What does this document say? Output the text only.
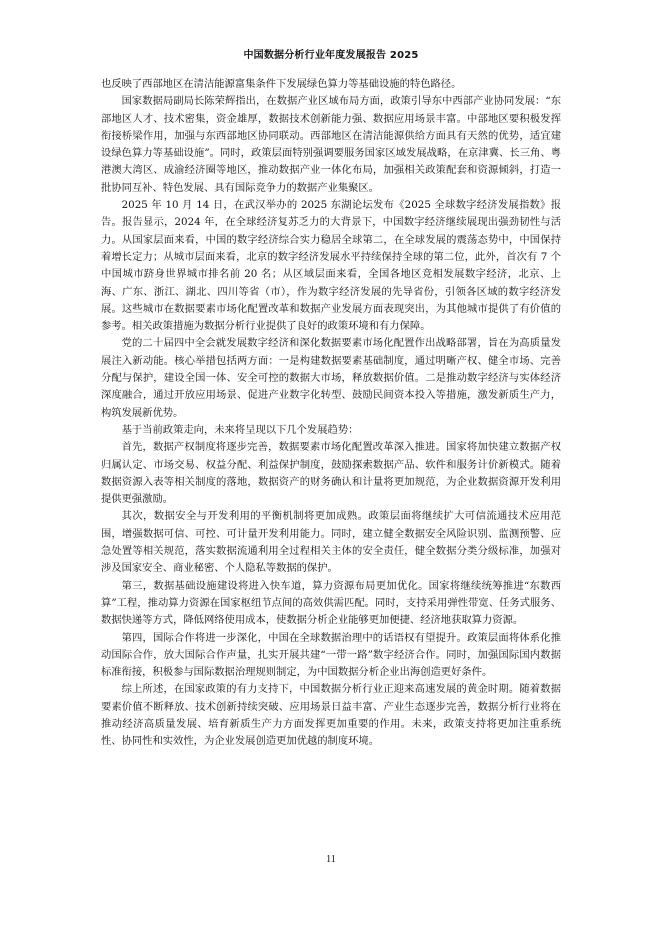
中国数据分析行业年度发展报告 2025

也反映了西部地区在清洁能源富集条件下发展绿色算力等基础设施的特色路径。

国家数据局副局长陈荣辉指出，在数据产业区域布局方面，政策引导东中西部产业协同发展：“东部地区人才、技术密集，资金雄厚，数据技术创新能力强、数据应用场景丰富。中部地区要积极发挥衔接桥梁作用，加强与东西部地区协同联动。西部地区在清洁能源供给方面具有天然的优势，适宜建设绿色算力等基础设施”。同时，政策层面特别强调要服务国家区域发展战略，在京津冀、长三角、粤港澳大湾区、成渝经济圈等地区，推动数据产业一体化布局，加强相关政策配套和资源倾斜，打造一批协同互补、特色发展、具有国际竞争力的数据产业集聚区。

2025 年 10 月 14 日，在武汉举办的 2025 东湖论坛发布《2025 全球数字经济发展指数》报告。报告显示，2024 年，在全球经济复苏乏力的大背景下，中国数字经济继续展现出强劲韧性与活力。从国家层面来看，中国的数字经济综合实力稳居全球第二，在全球发展的震荡态势中，中国保持着增长定力；从城市层面来看，北京的数字经济发展水平持续保持全球的第二位，此外，首次有 7 个中国城市跻身世界城市排名前 20 名；从区域层面来看，全国各地区竞相发展数字经济，北京、上海、广东、浙江、湖北、四川等省（市），作为数字经济发展的先导省份，引领各区域的数字经济发展。这些城市在数据要素市场化配置改革和数据产业发展方面表现突出，为其他城市提供了有价值的参考。相关政策措施为数据分析行业提供了良好的政策环境和有力保障。

党的二十届四中全会就发展数字经济和深化数据要素市场化配置作出战略部署，旨在为高质量发展注入新动能。核心举措包括两方面：一是构建数据要素基础制度，通过明晰产权、健全市场、完善分配与保护，建设全国一体、安全可控的数据大市场，释放数据价值。二是推动数字经济与实体经济深度融合，通过开放应用场景、促进产业数字化转型、鼓励民间资本投入等措施，激发新质生产力，构筑发展新优势。

基于当前政策走向，未来将呈现以下几个发展趋势：

首先，数据产权制度将逐步完善，数据要素市场化配置改革深入推进。国家将加快建立数据产权归属认定、市场交易、权益分配、利益保护制度，鼓励探索数据产品、软件和服务计价新模式。随着数据资源入表等相关制度的落地，数据资产的财务确认和计量将更加规范，为企业数据资源开发利用提供更强激励。

其次，数据安全与开发利用的平衡机制将更加成熟。政策层面将继续扩大可信流通技术应用范围，增强数据可信、可控、可计量开发利用能力。同时，建立健全数据安全风险识别、监测预警、应急处置等相关规范，落实数据流通利用全过程相关主体的安全责任，健全数据分类分级标准，加强对涉及国家安全、商业秘密、个人隐私等数据的保护。

第三，数据基础设施建设将进入快车道，算力资源布局更加优化。国家将继续统筹推进“东数西算”工程，推动算力资源在国家枢纽节点间的高效供需匹配。同时，支持采用弹性带宽、任务式服务、数据快递等方式，降低网络使用成本，使数据分析企业能够更加便捷、经济地获取算力资源。

第四，国际合作将进一步深化，中国在全球数据治理中的话语权有望提升。政策层面将体系化推动国际合作，放大国际合作声量，扎实开展共建“一带一路”数字经济合作。同时，加强国际国内数据标准衔接，积极参与国际数据治理规则制定，为中国数据分析企业出海创造更好条件。

综上所述，在国家政策的有力支持下，中国数据分析行业正迎来高速发展的黄金时期。随着数据要素价值不断释放、技术创新持续突破、应用场景日益丰富、产业生态逐步完善，数据分析行业将在推动经济高质量发展、培育新质生产力方面发挥更加重要的作用。未来，政策支持将更加注重系统性、协同性和实效性，为企业发展创造更加优越的制度环境。

11
